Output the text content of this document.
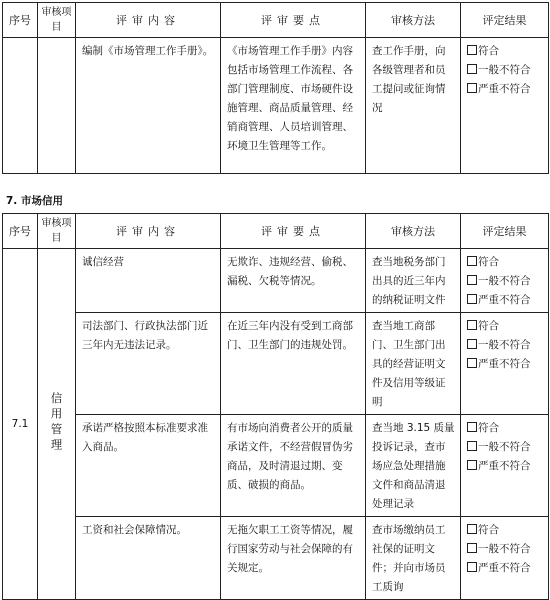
序号	审核项目	评审内容	评审要点	审核方法	评定结果
		编制《市场管理工作手册》。	《市场管理工作手册》内容包括市场管理工作流程、各部门管理制度、市场硬件设施管理、商品质量管理、经销商管理、人员培训管理、环境卫生管理等工作。	查工作手册，向各级管理者和员工提问或征询情况	符合
一般不符合
严重不符合
7. 市场信用
序号	审核项目	评审内容	评审要点	审核方法	评定结果
7.1	信用管理	诚信经营	无欺诈、违规经营、偷税、漏税、欠税等情况。	查当地税务部门出具的近三年内的纳税证明文件	符合
一般不符合
严重不符合

		司法部门、行政执法部门近三年内无违法记录。	在近三年内没有受到工商部门、卫生部门的违规处罚。	查当地工商部门、卫生部门出具的经营证明文件及信用等级证明	符合
一般不符合
严重不符合

		承诺严格按照本标准要求准入商品。	有市场向消费者公开的质量承诺文件，不经营假冒伪劣商品，及时清退过期、变质、破损的商品。	查当地 3.15 质量投诉记录，查市场应急处理措施文件和商品清退处理记录	符合
一般不符合
严重不符合

		工资和社会保障情况。	无拖欠职工工资等情况，履行国家劳动与社会保障的有关规定。	查市场缴纳员工社保的证明文件；并向市场员工质询	符合
一般不符合
严重不符合
